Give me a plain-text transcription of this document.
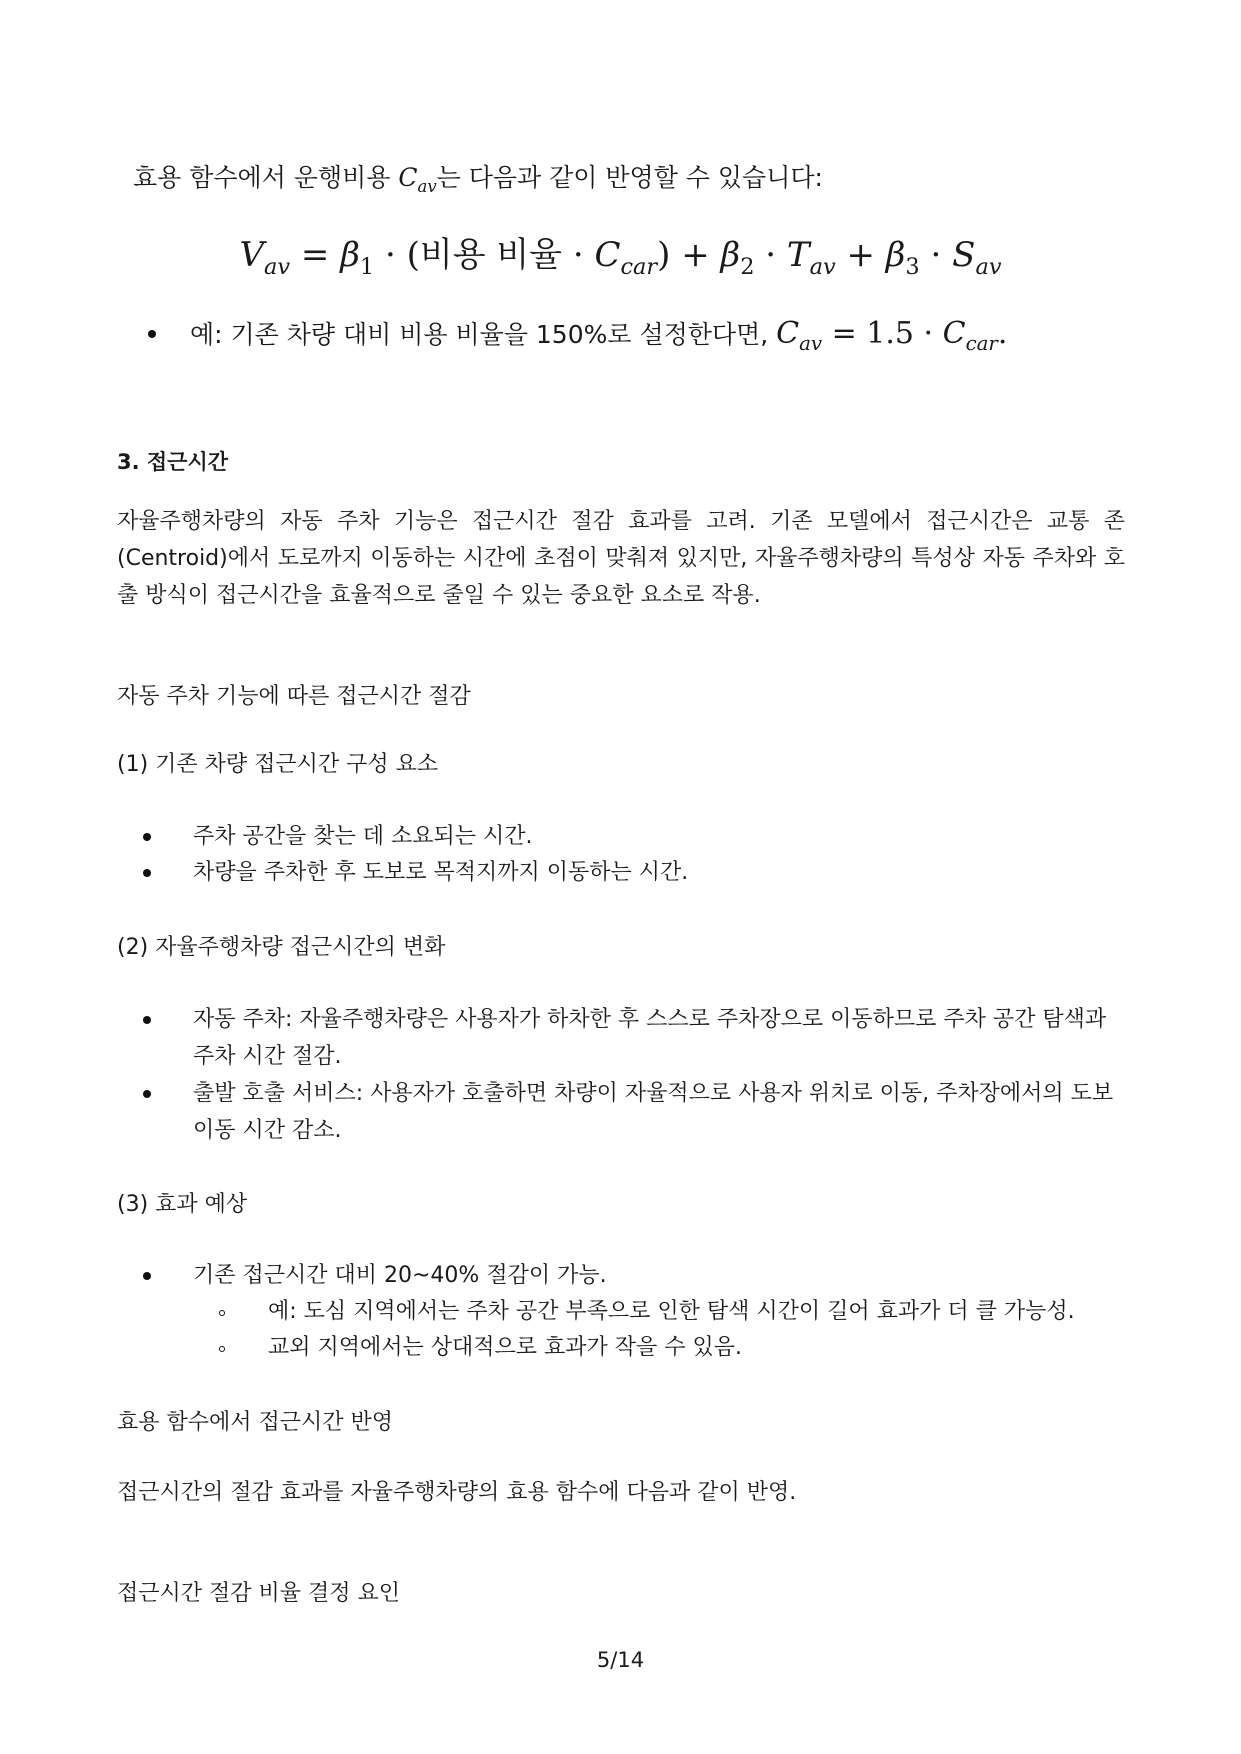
효용 함수에서 운행비용 $C_{av}$는 다음과 같이 반영할 수 있습니다:
$V_{av} = \beta_1$ · (비용 비율 · $C_{car}) + \beta_2 \cdot T_{av} + \beta_3 \cdot S_{av}$
예: 기존 차량 대비 비용 비율을 150%로 설정한다면, $C_{av} = 1.5 \cdot C_{car}$.
3. 접근시간
자율주행차량의 자동 주차 기능은 접근시간 절감 효과를 고려. 기존 모델에서 접근시간은 교통 존 (Centroid)에서 도로까지 이동하는 시간에 초점이 맞춰져 있지만, 자율주행차량의 특성상 자동 주차와 호출 방식이 접근시간을 효율적으로 줄일 수 있는 중요한 요소로 작용.
자동 주차 기능에 따른 접근시간 절감
(1) 기존 차량 접근시간 구성 요소
주차 공간을 찾는 데 소요되는 시간.
차량을 주차한 후 도보로 목적지까지 이동하는 시간.
(2) 자율주행차량 접근시간의 변화
자동 주차: 자율주행차량은 사용자가 하차한 후 스스로 주차장으로 이동하므로 주차 공간 탐색과
주차 시간 절감.
출발 호출 서비스: 사용자가 호출하면 차량이 자율적으로 사용자 위치로 이동, 주차장에서의 도보
이동 시간 감소.
(3) 효과 예상
기존 접근시간 대비 20~40% 절감이 가능.
예: 도심 지역에서는 주차 공간 부족으로 인한 탐색 시간이 길어 효과가 더 클 가능성.
교외 지역에서는 상대적으로 효과가 작을 수 있음.
효용 함수에서 접근시간 반영
접근시간의 절감 효과를 자율주행차량의 효용 함수에 다음과 같이 반영.
접근시간 절감 비율 결정 요인
5/14
